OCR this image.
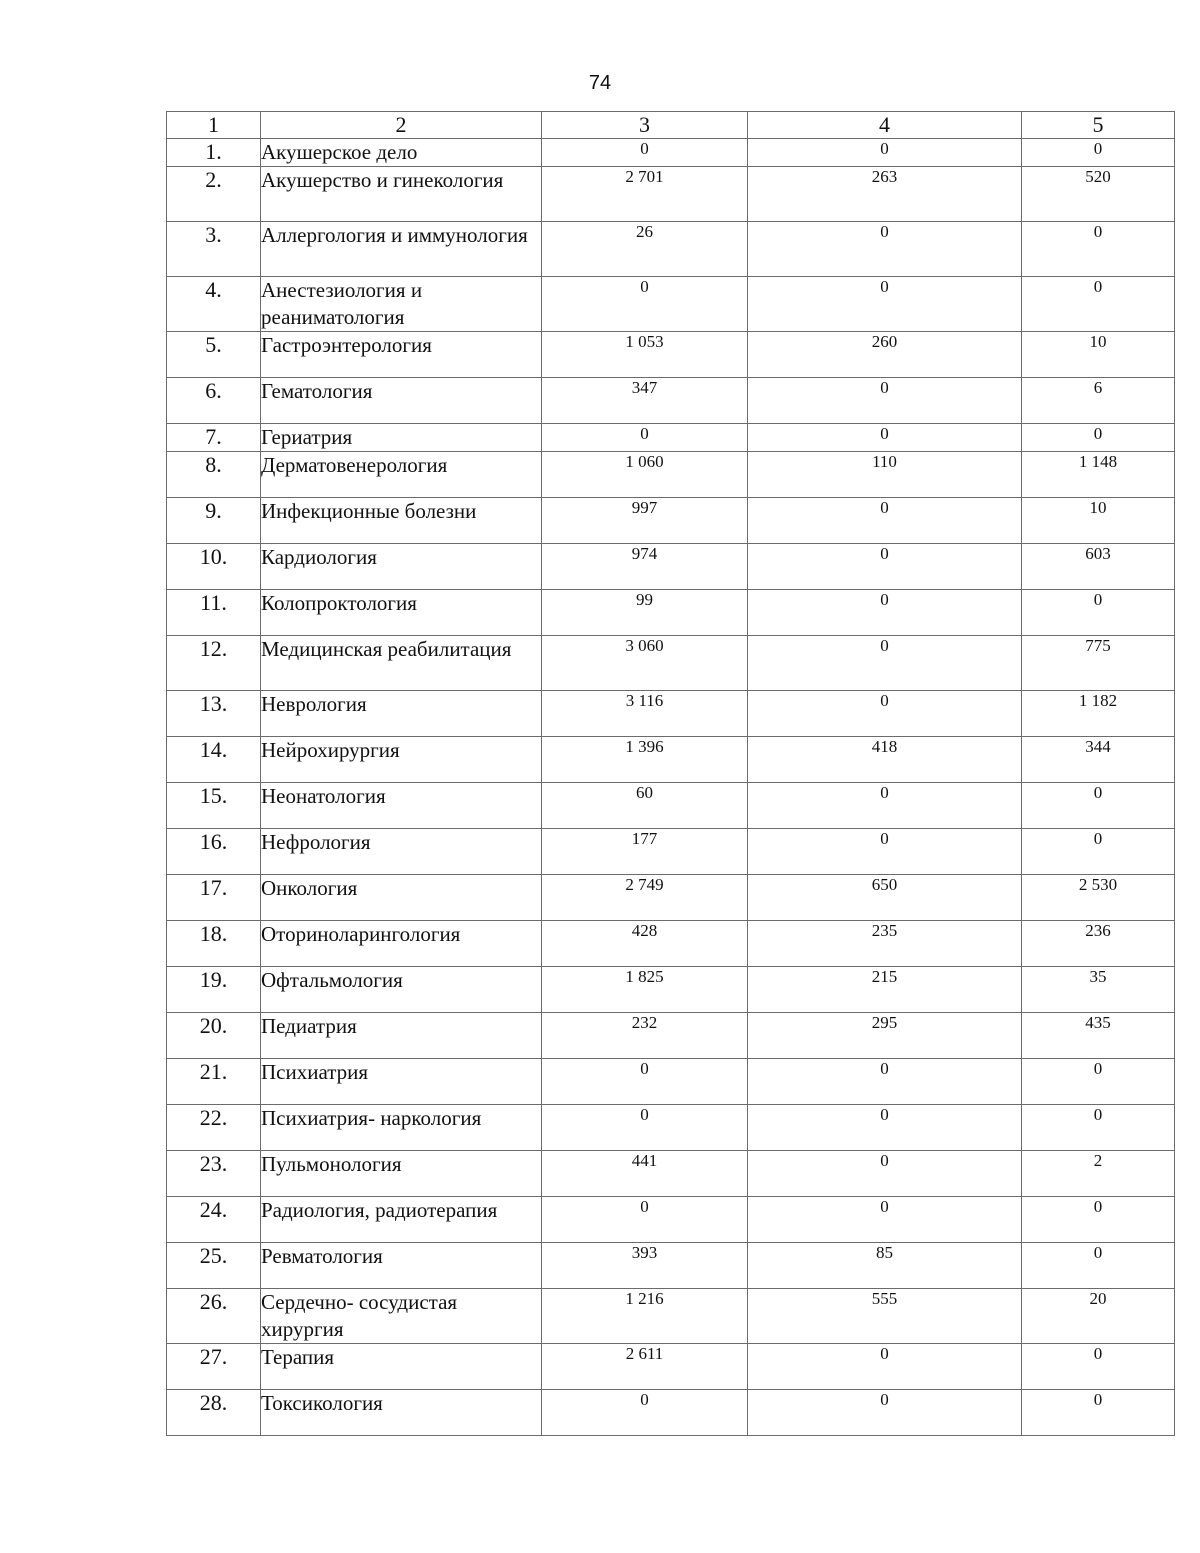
74
1	2	3	4	5
1.	Акушерское дело	0	0	0
2.	Акушерство и гинекология	2 701	263	520
3.	Аллергология и иммунология	26	0	0
4.	Анестезиология и реаниматология	0	0	0
5.	Гастроэнтерология	1 053	260	10
6.	Гематология	347	0	6
7.	Гериатрия	0	0	0
8.	Дерматовенерология	1 060	110	1 148
9.	Инфекционные болезни	997	0	10
10.	Кардиология	974	0	603
11.	Колопроктология	99	0	0
12.	Медицинская реабилитация	3 060	0	775
13.	Неврология	3 116	0	1 182
14.	Нейрохирургия	1 396	418	344
15.	Неонатология	60	0	0
16.	Нефрология	177	0	0
17.	Онкология	2 749	650	2 530
18.	Оториноларингология	428	235	236
19.	Офтальмология	1 825	215	35
20.	Педиатрия	232	295	435
21.	Психиатрия	0	0	0
22.	Психиатрия- наркология	0	0	0
23.	Пульмонология	441	0	2
24.	Радиология, радиотерапия	0	0	0
25.	Ревматология	393	85	0
26.	Сердечно- сосудистая хирургия	1 216	555	20
27.	Терапия	2 611	0	0
28.	Токсикология	0	0	0
